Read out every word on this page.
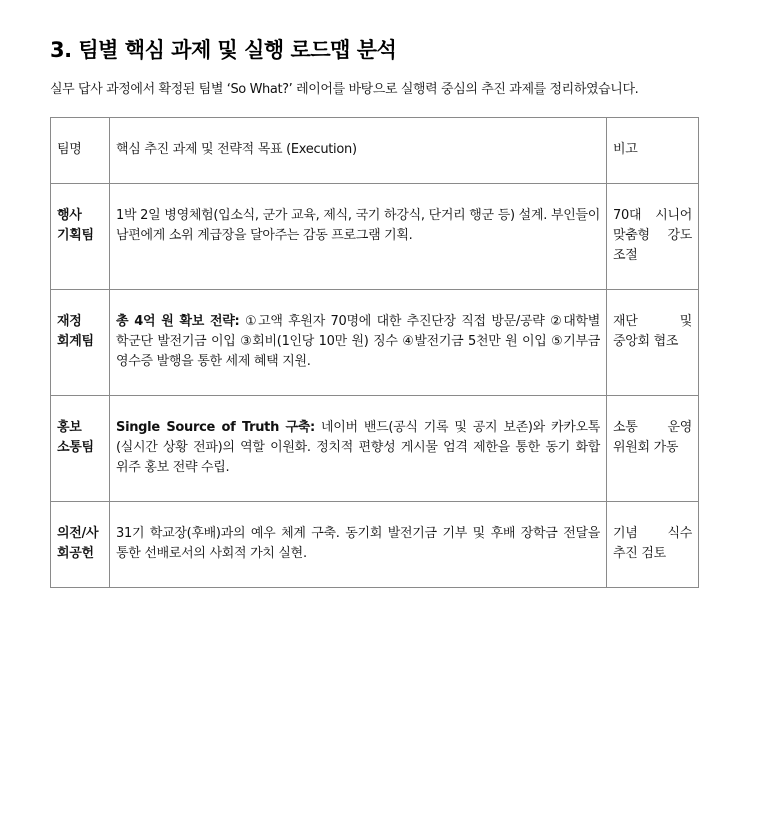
3. 팀별 핵심 과제 및 실행 로드맵 분석

실무 답사 과정에서 확정된 팀별 ‘So What?’ 레이어를 바탕으로 실행력 중심의 추진 과제를 정리하였습니다.

팀명	핵심 추진 과제 및 전략적 목표 (Execution)	비고
행사 기획팀	1박 2일 병영체험(입소식, 군가 교육, 제식, 국기 하강식, 단거리 행군 등) 설계. 부인들이 남편에게 소위 계급장을 달아주는 감동 프로그램 기획.	70대 시니어 맞춤형 강도 조절
재정 회계팀	총 4억 원 확보 전략: ①고액 후원자 70명에 대한 추진단장 직접 방문/공략 ②대학별 학군단 발전기금 이입 ③회비(1인당 10만 원) 징수 ④발전기금 5천만 원 이입 ⑤기부금 영수증 발행을 통한 세제 혜택 지원.	재단 및 중앙회 협조
홍보 소통팀	Single Source of Truth 구축: 네이버 밴드(공식 기록 및 공지 보존)와 카카오톡(실시간 상황 전파)의 역할 이원화. 정치적 편향성 게시물 엄격 제한을 통한 동기 화합 위주 홍보 전략 수립.	소통 운영 위원회 가동
의전/사 회공헌	31기 학교장(후배)과의 예우 체계 구축. 동기회 발전기금 기부 및 후배 장학금 전달을 통한 선배로서의 사회적 가치 실현.	기념 식수 추진 검토
